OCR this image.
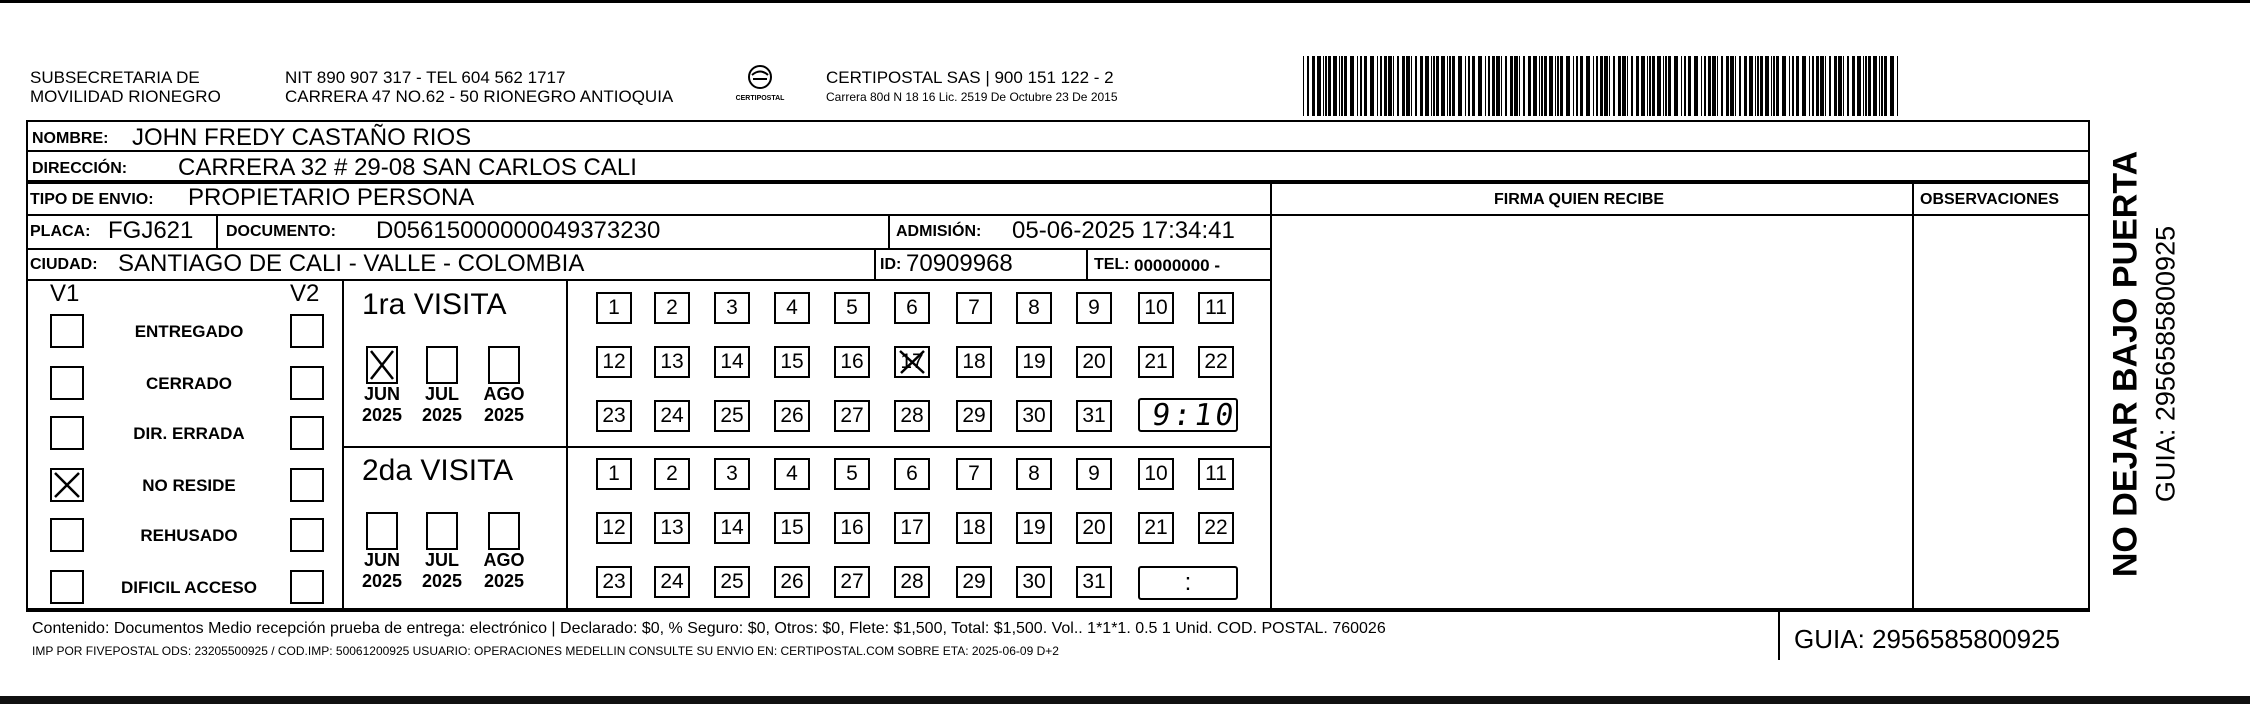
SUBSECRETARIA DE
MOVILIDAD RIONEGRO
NIT 890 907 317 - TEL 604 562 1717
CARRERA 47 NO.62 - 50 RIONEGRO ANTIOQUIA	CERTIPOSTAL
CERTIPOSTAL SAS | 900 151 122 - 2
Carrera 80d N 18 16 Lic. 2519 De Octubre 23 De 2015
NOMBRE: JOHN FREDY CASTAÑO RIOS
DIRECCIÓN: CARRERA 32 # 29-08 SAN CARLOS CALI
TIPO DE ENVIO: PROPIETARIO PERSONA	FIRMA QUIEN RECIBE	OBSERVACIONES
PLACA: FGJ621 DOCUMENTO: D05615000000049373230	ADMISIÓN: 05-06-2025 17:34:41
CIUDAD: SANTIAGO DE CALI - VALLE - COLOMBIA	ID: 70909968	TEL: 00000000 -
V1	V2
ENTREGADO
CERRADO
DIR. ERRADA
NO RESIDE
REHUSADO
DIFICIL ACCESO
1ra VISITA
2da VISITA
JUN
2025
JUL
2025
AGO
2025
JUN
2025
JUL
2025
AGO
2025
1	2	3	4	5	6	7	8	9	10	11
12	13	14	15	16	17	18	19	20	21	22
23	24	25	26	27	28	29	30	31
1	2	3	4	5	6	7	8	9	10	11
12	13	14	15	16	17	18	19	20	21	22
23	24	25	26	27	28	29	30	31
9:10
:
Contenido: Documentos Medio recepción prueba de entrega: electrónico | Declarado: $0, % Seguro: $0, Otros: $0, Flete: $1,500, Total: $1,500. Vol.. 1*1*1. 0.5 1 Unid. COD. POSTAL. 760026
IMP POR FIVEPOSTAL ODS: 23205500925 / COD.IMP: 50061200925 USUARIO: OPERACIONES MEDELLIN CONSULTE SU ENVIO EN: CERTIPOSTAL.COM SOBRE ETA: 2025-06-09 D+2	GUIA: 2956585800925
NO DEJAR BAJO PUERTA GUIA: 2956585800925
